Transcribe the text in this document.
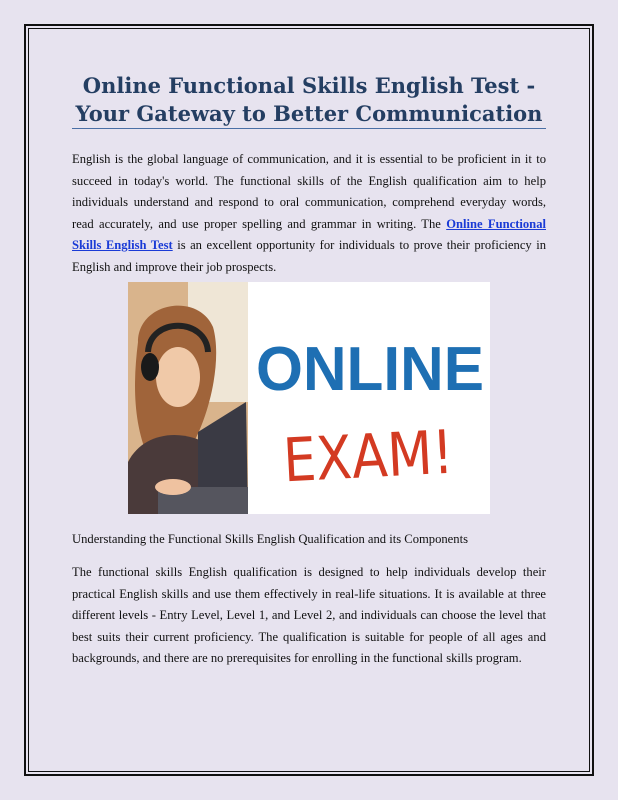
Online Functional Skills English Test - Your Gateway to Better Communication

English is the global language of communication, and it is essential to be proficient in it to succeed in today's world. The functional skills of the English qualification aim to help individuals understand and respond to oral communication, comprehend everyday words, read accurately, and use proper spelling and grammar in writing. The Online Functional Skills English Test is an excellent opportunity for individuals to prove their proficiency in English and improve their job prospects.

ONLINE
EXAM!

Understanding the Functional Skills English Qualification and its Components

The functional skills English qualification is designed to help individuals develop their practical English skills and use them effectively in real-life situations. It is available at three different levels - Entry Level, Level 1, and Level 2, and individuals can choose the level that best suits their current proficiency. The qualification is suitable for people of all ages and backgrounds, and there are no prerequisites for enrolling in the functional skills program.
